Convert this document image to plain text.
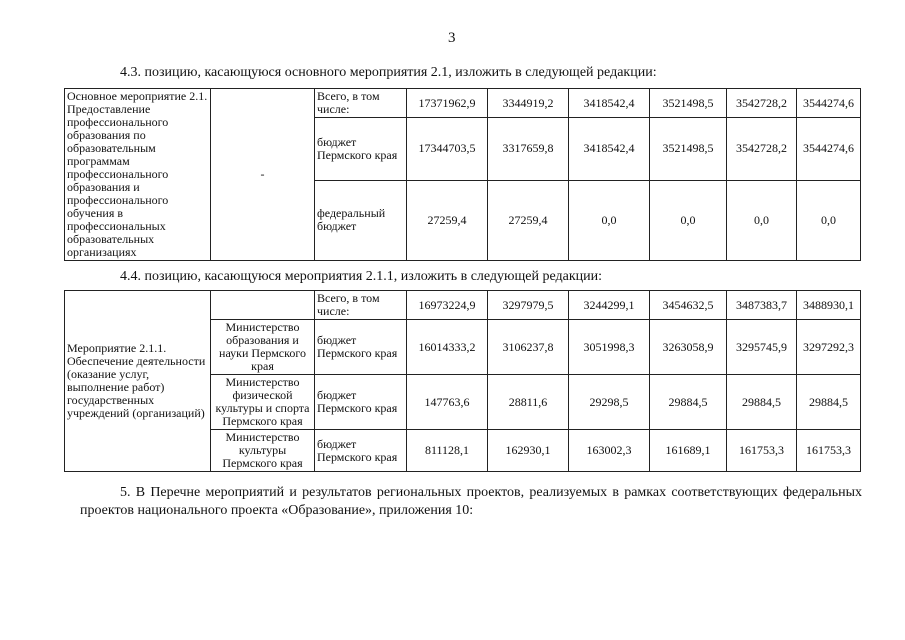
3
4.3. позицию, касающуюся основного мероприятия 2.1, изложить в следующей редакции:
Основное мероприятие 2.1. Предоставление профессионального образования по образовательным программам профессионального образования и профессионального обучения в профессиональных образовательных организациях	-	Всего, в том числе:	17371962,9	3344919,2	3418542,4	3521498,5	3542728,2	3544274,6
		бюджет Пермского края	17344703,5	3317659,8	3418542,4	3521498,5	3542728,2	3544274,6
		федеральный бюджет	27259,4	27259,4	0,0	0,0	0,0	0,0
4.4. позицию, касающуюся мероприятия 2.1.1, изложить в следующей редакции:
Мероприятие 2.1.1. Обеспечение деятельности (оказание услуг, выполнение работ) государственных учреждений (организаций)		Всего, в том числе:	16973224,9	3297979,5	3244299,1	3454632,5	3487383,7	3488930,1
	Министерство образования и науки Пермского края	бюджет Пермского края	16014333,2	3106237,8	3051998,3	3263058,9	3295745,9	3297292,3
	Министерство физической культуры и спорта Пермского края	бюджет Пермского края	147763,6	28811,6	29298,5	29884,5	29884,5	29884,5
	Министерство культуры Пермского края	бюджет Пермского края	811128,1	162930,1	163002,3	161689,1	161753,3	161753,3
5. В Перечне мероприятий и результатов региональных проектов, реализуемых в рамках соответствующих федеральных проектов национального проекта «Образование», приложения 10:
